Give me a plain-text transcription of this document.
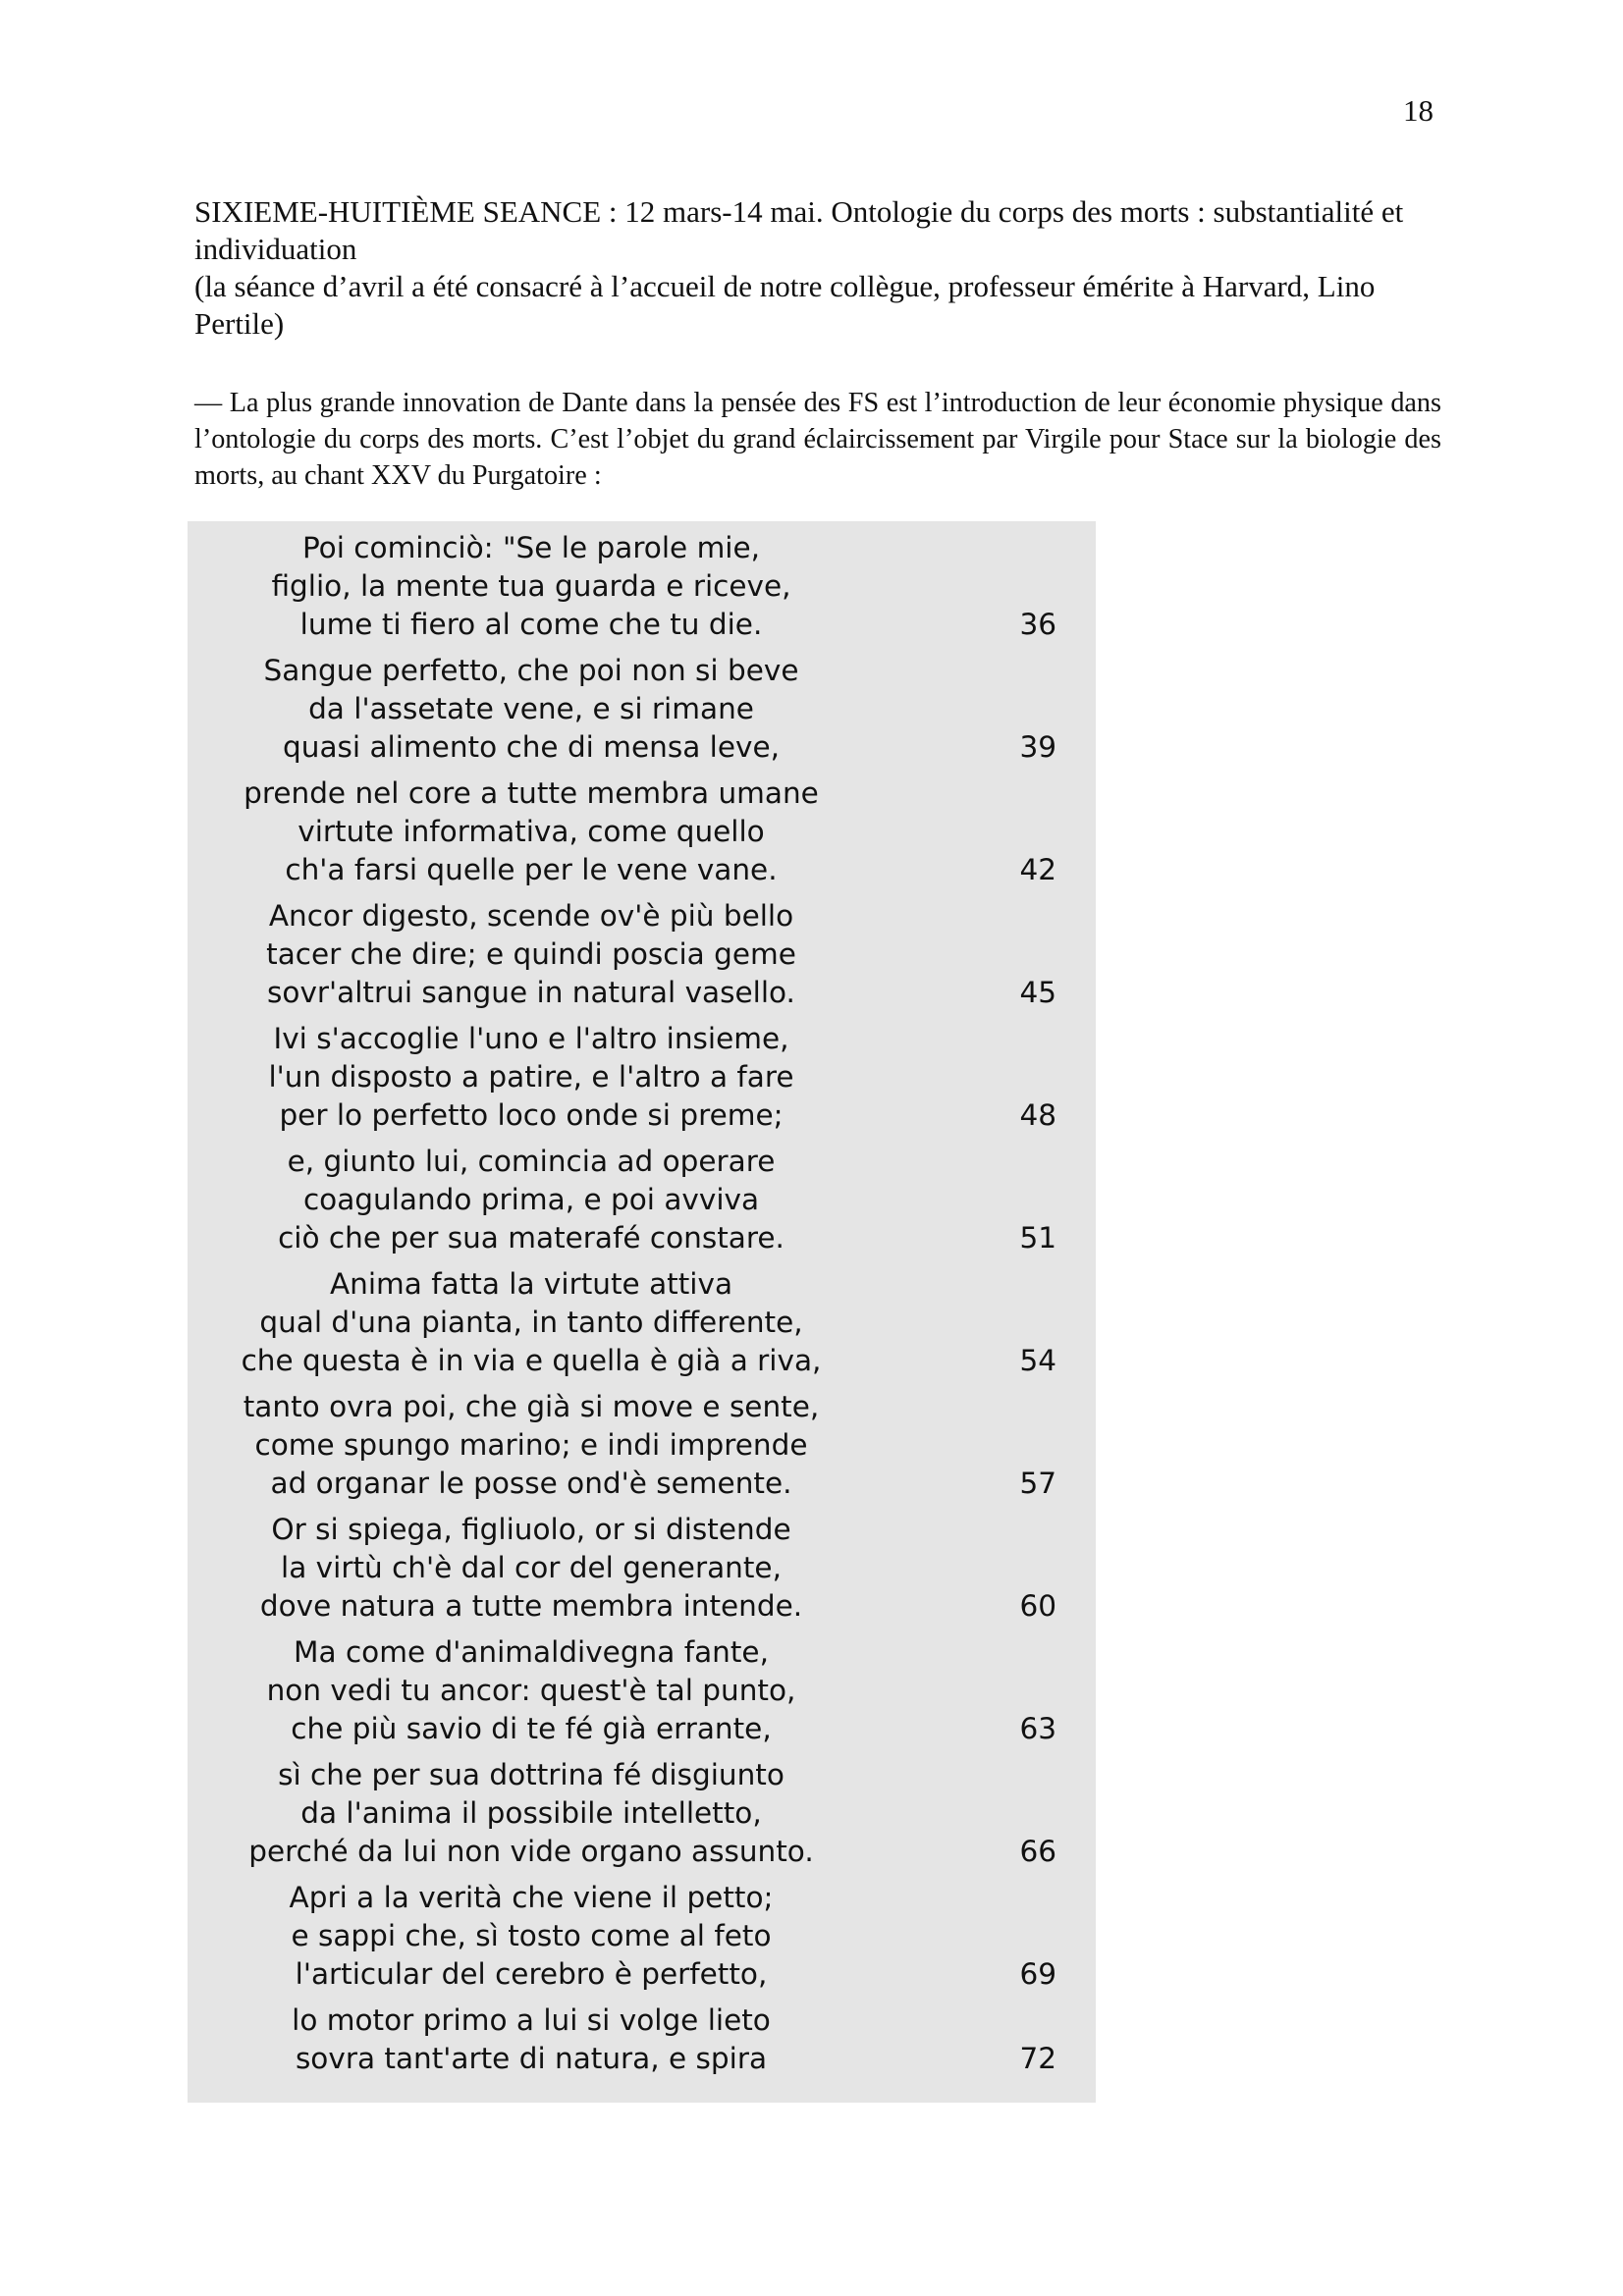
18

SIXIEME-HUITIÈME SEANCE : 12 mars-14 mai. Ontologie du corps des morts : substantialité et individuation

(la séance d’avril a été consacré à l’accueil de notre collègue, professeur émérite à Harvard, Lino Pertile)

— La plus grande innovation de Dante dans la pensée des FS est l’introduction de leur économie physique dans l’ontologie du corps des morts. C’est l’objet du grand éclaircissement par Virgile pour Stace sur la biologie des morts, au chant XXV du Purgatoire :

Poi cominciò: "Se le parole mie,
figlio, la mente tua guarda e riceve,
lume ti fiero al come che tu die.	36
Sangue perfetto, che poi non si beve
da l'assetate vene, e si rimane
quasi alimento che di mensa leve,	39
prende nel core a tutte membra umane
virtute informativa, come quello
ch'a farsi quelle per le vene vane.	42
Ancor digesto, scende ov'è più bello
tacer che dire; e quindi poscia geme
sovr'altrui sangue in natural vasello.	45
Ivi s'accoglie l'uno e l'altro insieme,
l'un disposto a patire, e l'altro a fare
per lo perfetto loco onde si preme;	48
e, giunto lui, comincia ad operare
coagulando prima, e poi avviva
ciò che per sua materafé constare.	51
Anima fatta la virtute attiva
qual d'una pianta, in tanto differente,
che questa è in via e quella è già a riva,	54
tanto ovra poi, che già si move e sente,
come spungo marino; e indi imprende
ad organar le posse ond'è semente.	57
Or si spiega, figliuolo, or si distende
la virtù ch'è dal cor del generante,
dove natura a tutte membra intende.	60
Ma come d'animaldivegna fante,
non vedi tu ancor: quest'è tal punto,
che più savio di te fé già errante,	63
sì che per sua dottrina fé disgiunto
da l'anima il possibile intelletto,
perché da lui non vide organo assunto.	66
Apri a la verità che viene il petto;
e sappi che, sì tosto come al feto
l'articular del cerebro è perfetto,	69
lo motor primo a lui si volge lieto
sovra tant'arte di natura, e spira	72
